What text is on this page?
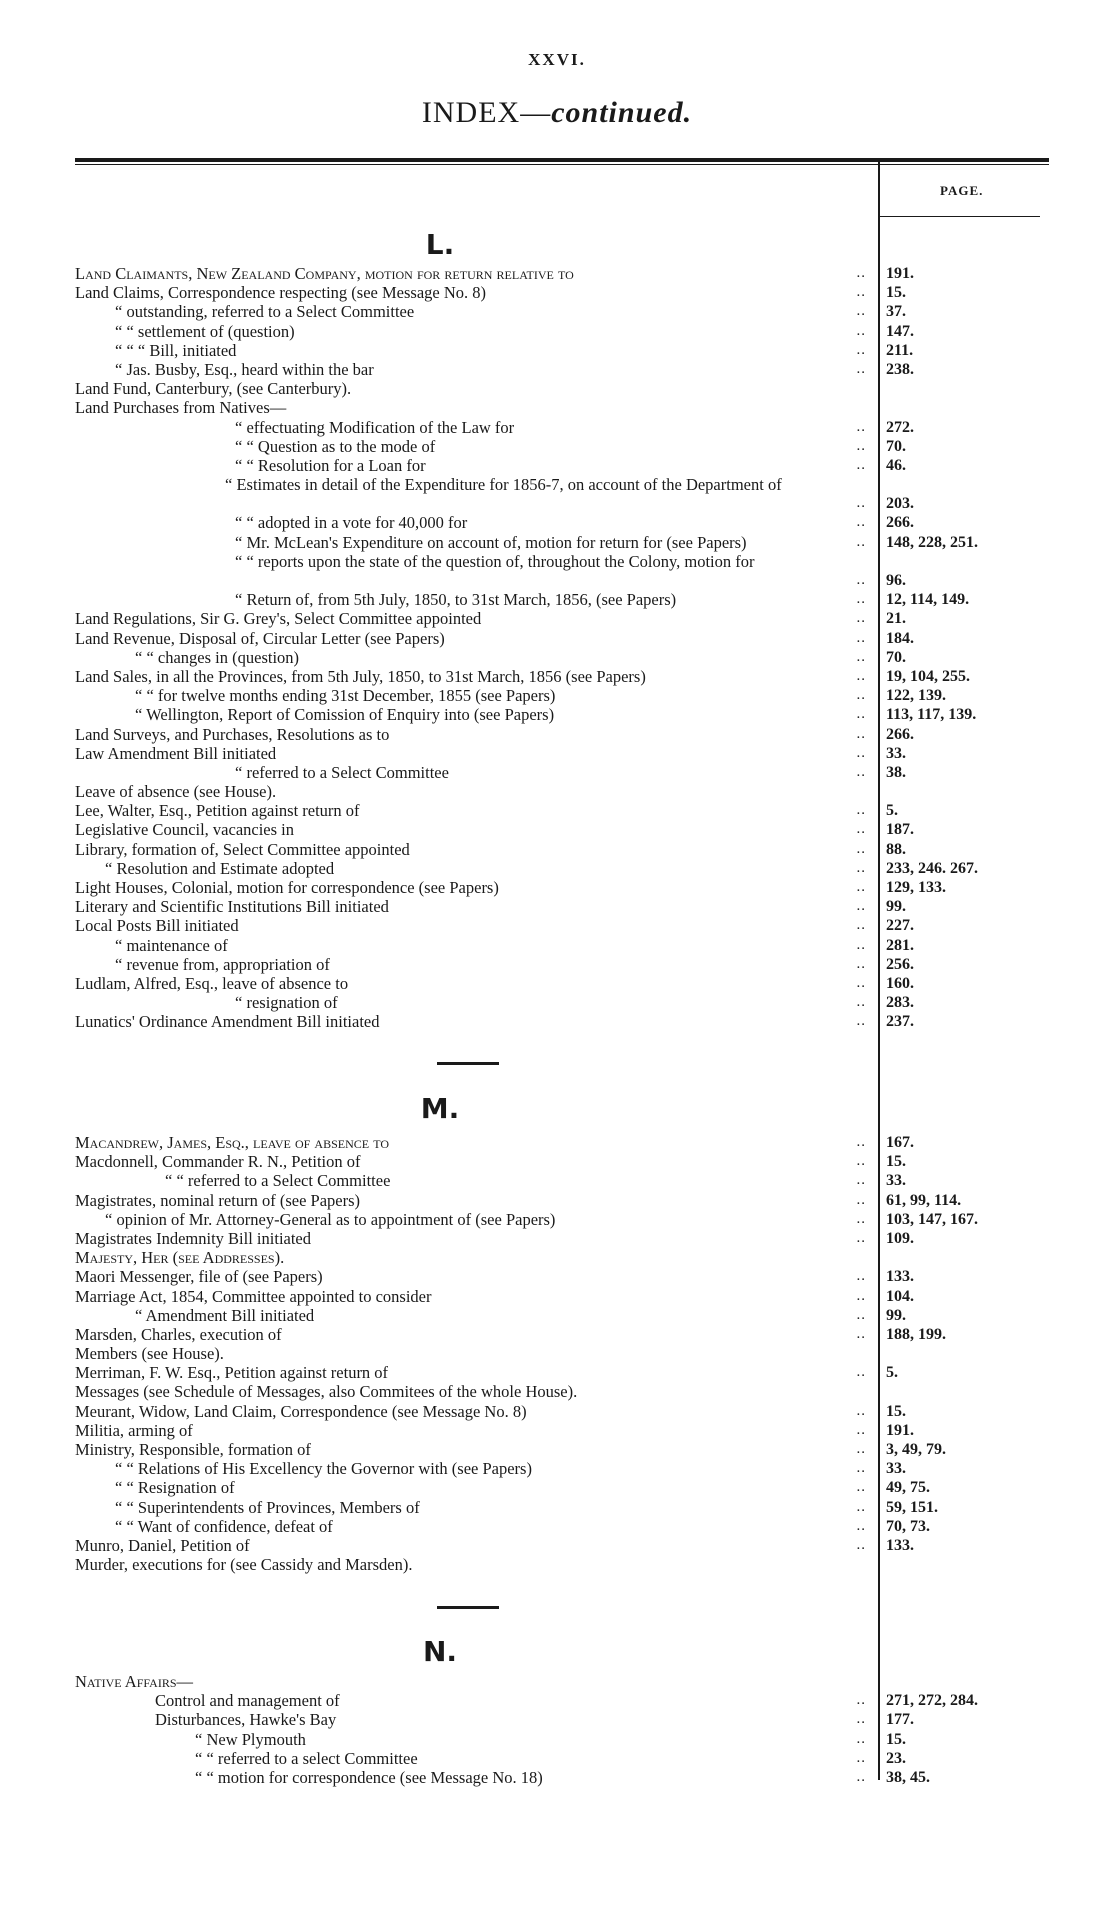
XXVI.
INDEX—continued.
PAGE.
L.
Land Claimants, New Zealand Company, motion for return relative to	.. 191.
Land Claims, Correspondence respecting (see Message No. 8)	.. 15.
“ outstanding, referred to a Select Committee	.. 37.
“ “ settlement of (question)	.. 147.
“ “ “ Bill, initiated	.. 211.
“ Jas. Busby, Esq., heard within the bar	.. 238.
Land Fund, Canterbury, (see Canterbury).
Land Purchases from Natives—
“ effectuating Modification of the Law for	.. 272.
“ “ Question as to the mode of	.. 70.
“ “ Resolution for a Loan for	.. 46.
“ Estimates in detail of the Expenditure for 1856-7, on account of the Department of
.. 203.
“ “ adopted in a vote for 40,000 for	.. 266.
“ Mr. McLean's Expenditure on account of, motion for return for (see Papers)	.. 148, 228, 251.
“ “ reports upon the state of the question of, throughout the Colony, motion for
.. 96.
“ Return of, from 5th July, 1850, to 31st March, 1856, (see Papers)	.. 12, 114, 149.
Land Regulations, Sir G. Grey's, Select Committee appointed	.. 21.
Land Revenue, Disposal of, Circular Letter (see Papers)	.. 184.
“ “ changes in (question)	.. 70.
Land Sales, in all the Provinces, from 5th July, 1850, to 31st March, 1856 (see Papers)	.. 19, 104, 255.
“ “ for twelve months ending 31st December, 1855 (see Papers)	.. 122, 139.
“ Wellington, Report of Comission of Enquiry into (see Papers)	.. 113, 117, 139.
Land Surveys, and Purchases, Resolutions as to	.. 266.
Law Amendment Bill initiated	.. 33.
“ referred to a Select Committee	.. 38.
Leave of absence (see House).
Lee, Walter, Esq., Petition against return of	.. 5.
Legislative Council, vacancies in	.. 187.
Library, formation of, Select Committee appointed	.. 88.
“ Resolution and Estimate adopted	.. 233, 246. 267.
Light Houses, Colonial, motion for correspondence (see Papers)	.. 129, 133.
Literary and Scientific Institutions Bill initiated	.. 99.
Local Posts Bill initiated	.. 227.
“ maintenance of	.. 281.
“ revenue from, appropriation of	.. 256.
Ludlam, Alfred, Esq., leave of absence to	.. 160.
“ resignation of	.. 283.
Lunatics' Ordinance Amendment Bill initiated	.. 237.
M.
Macandrew, James, Esq., leave of absence to	.. 167.
Macdonnell, Commander R. N., Petition of	.. 15.
“ “ referred to a Select Committee	.. 33.
Magistrates, nominal return of (see Papers)	.. 61, 99, 114.
“ opinion of Mr. Attorney-General as to appointment of (see Papers)	.. 103, 147, 167.
Magistrates Indemnity Bill initiated	.. 109.
Majesty, Her (see Addresses).
Maori Messenger, file of (see Papers)	.. 133.
Marriage Act, 1854, Committee appointed to consider	.. 104.
“ Amendment Bill initiated	.. 99.
Marsden, Charles, execution of	.. 188, 199.
Members (see House).
Merriman, F. W. Esq., Petition against return of	.. 5.
Messages (see Schedule of Messages, also Commitees of the whole House).
Meurant, Widow, Land Claim, Correspondence (see Message No. 8)	.. 15.
Militia, arming of	.. 191.
Ministry, Responsible, formation of	.. 3, 49, 79.
“ “ Relations of His Excellency the Governor with (see Papers)	.. 33.
“ “ Resignation of	.. 49, 75.
“ “ Superintendents of Provinces, Members of	.. 59, 151.
“ “ Want of confidence, defeat of	.. 70, 73.
Munro, Daniel, Petition of	.. 133.
Murder, executions for (see Cassidy and Marsden).
N.
Native Affairs—
Control and management of	.. 271, 272, 284.
Disturbances, Hawke's Bay	.. 177.
“ New Plymouth	.. 15.
“ “ referred to a select Committee	.. 23.
“ “ motion for correspondence (see Message No. 18)	.. 38, 45.
